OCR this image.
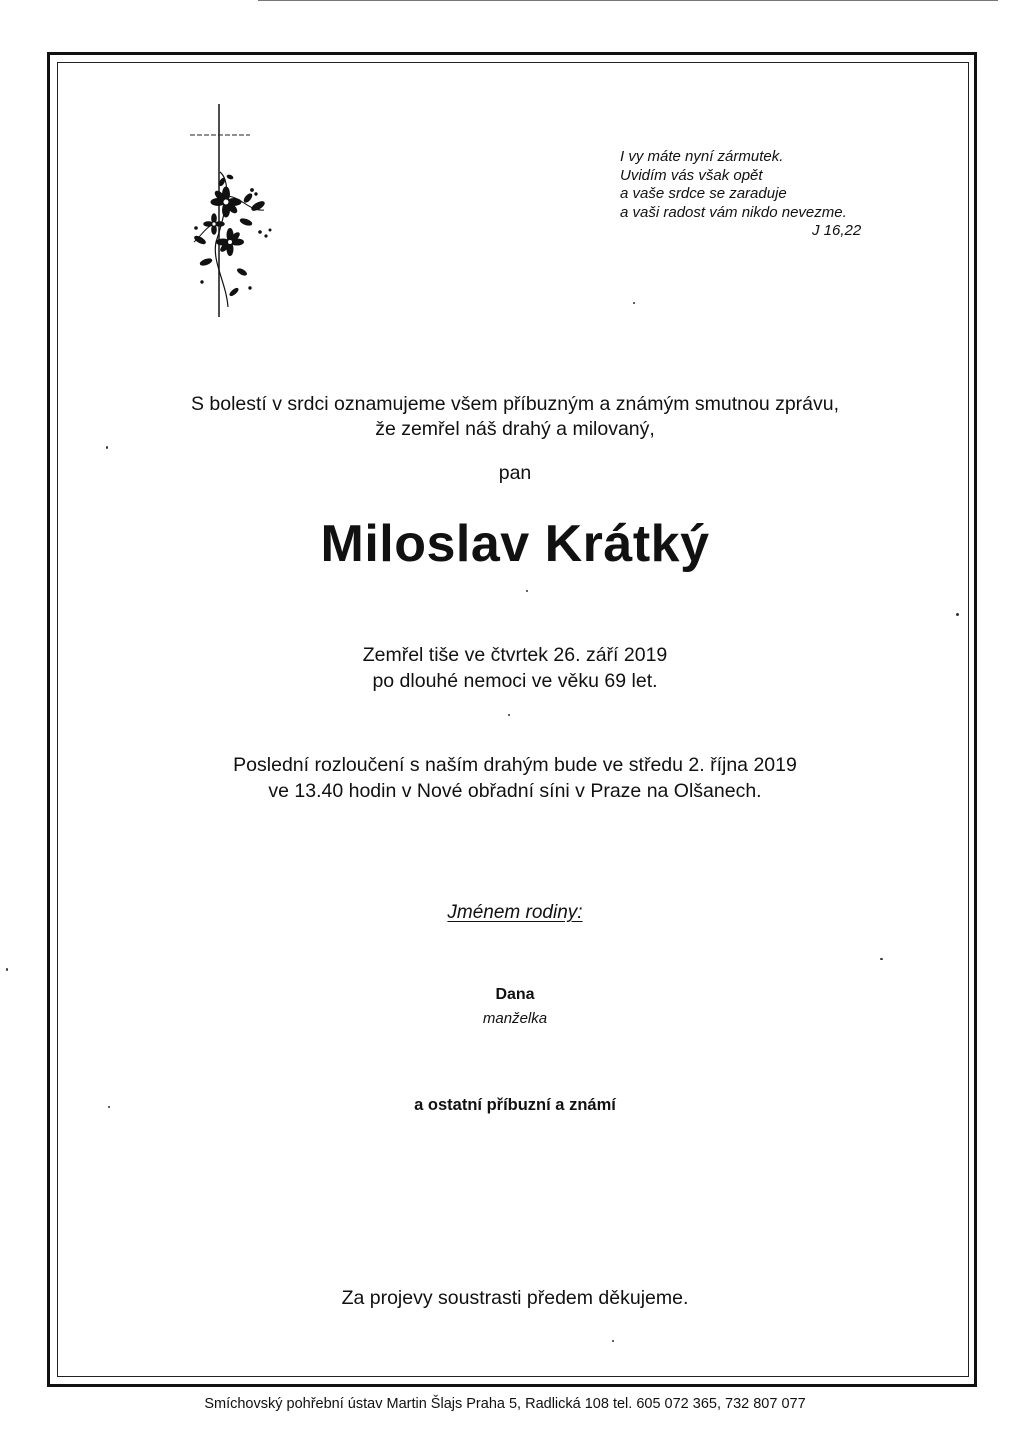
I vy máte nyní zármutek.
Uvidím vás však opět
a vaše srdce se zaraduje
a vaši radost vám nikdo nevezme.
J 16,22
S bolestí v srdci oznamujeme všem příbuzným a známým smutnou zprávu,
že zemřel náš drahý a milovaný,
pan
Miloslav Krátký
Zemřel tiše ve čtvrtek 26. září 2019
po dlouhé nemoci ve věku 69 let.
Poslední rozloučení s naším drahým bude ve středu 2. října 2019
ve 13.40 hodin v Nové obřadní síni v Praze na Olšanech.
Jménem rodiny:
Dana
manželka
a ostatní příbuzní a známí
Za projevy soustrasti předem děkujeme.
Smíchovský pohřební ústav Martin Šlajs Praha 5, Radlická 108 tel. 605 072 365, 732 807 077
